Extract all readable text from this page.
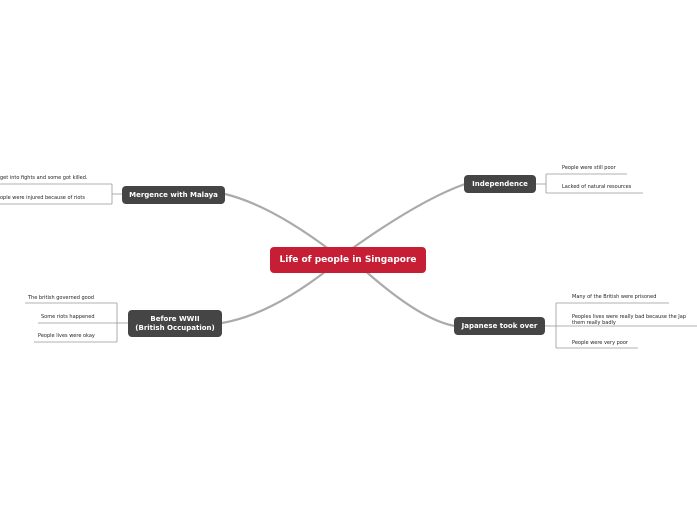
Life of people in Singapore
Independence
People were still poor
Lacked of natural resources
Japanese took over
Many of the British were prisoned
Peoples lives were really bad because the Jap them really badly
People were very poor
Mergence with Malaya
get into fights and some got killed.
ople were injured because of riots
Before WWII
(British Occupation)
The british governed good
Some riots happened
People lives were okay
